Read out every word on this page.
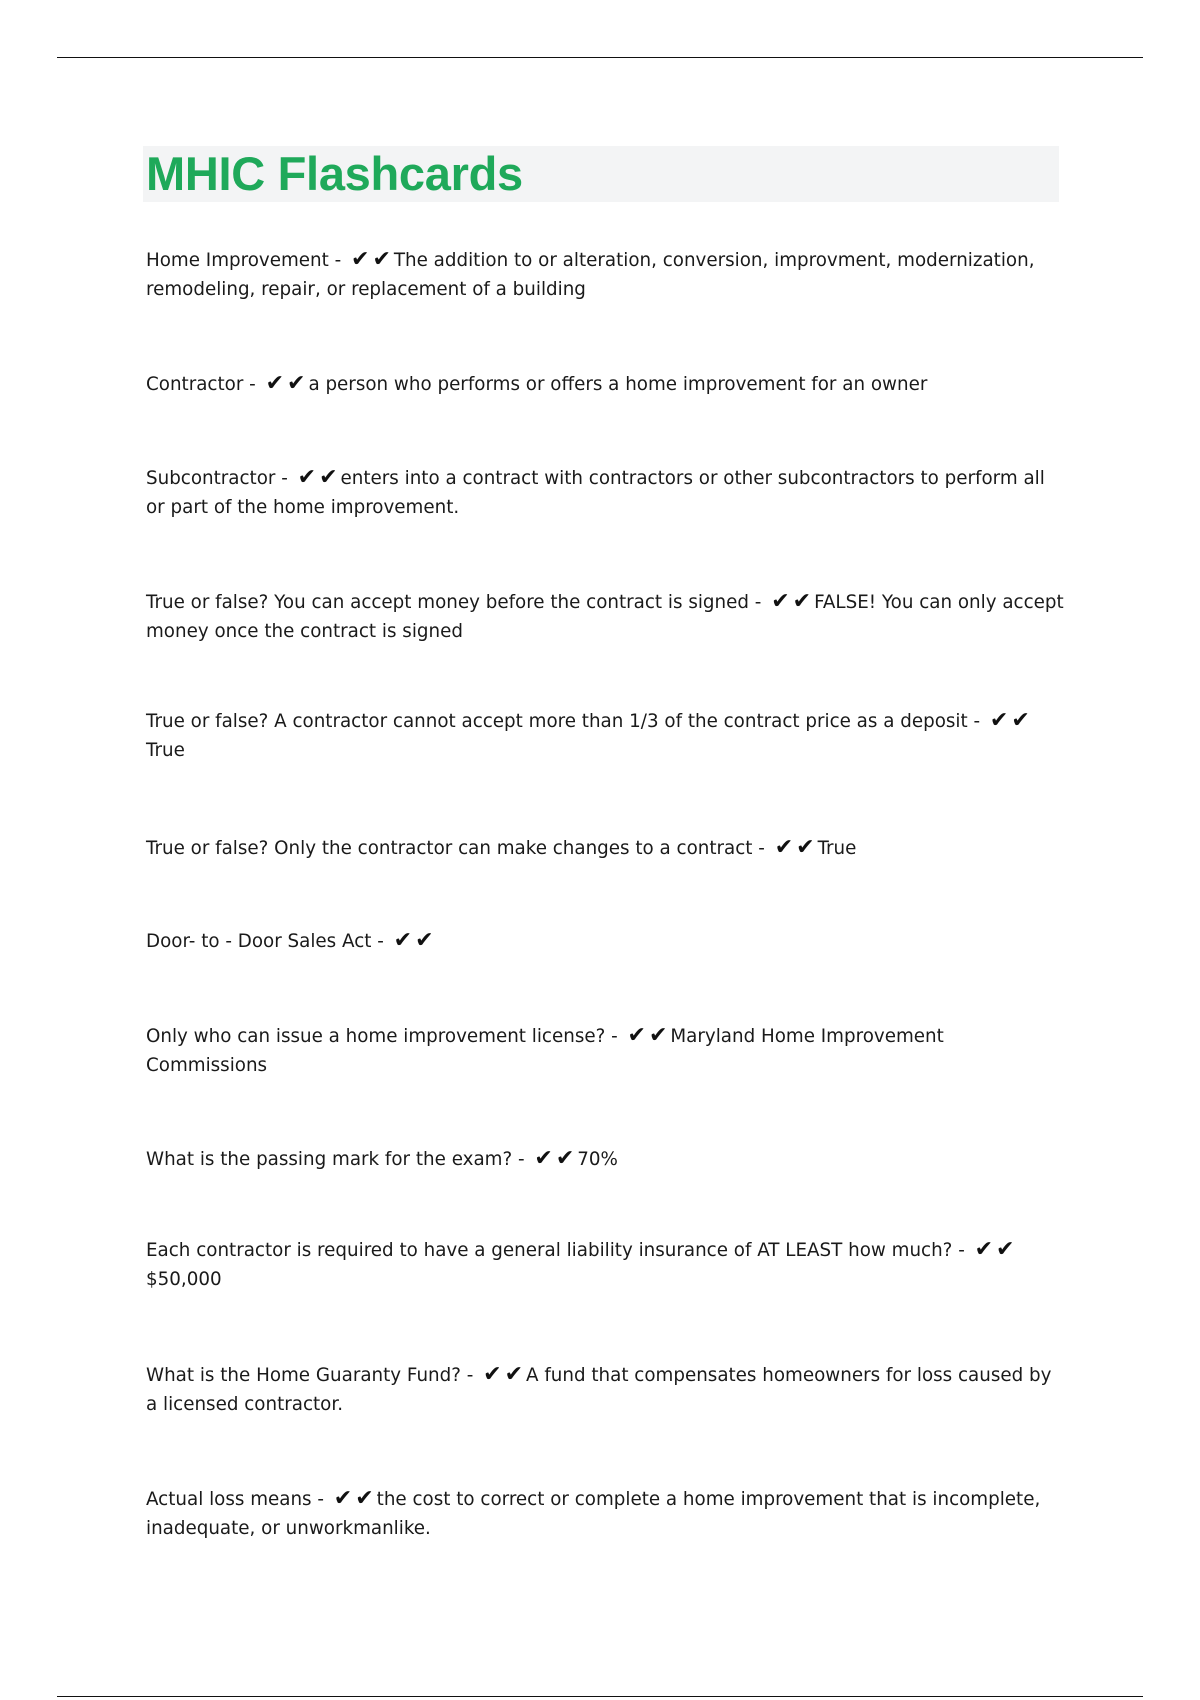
MHIC Flashcards
Home Improvement - ✔ ✔ The addition to or alteration, conversion, improvment, modernization, remodeling, repair, or replacement of a building
Contractor - ✔ ✔ a person who performs or offers a home improvement for an owner
Subcontractor - ✔ ✔ enters into a contract with contractors or other subcontractors to perform all or part of the home improvement.
True or false? You can accept money before the contract is signed - ✔ ✔ FALSE! You can only accept money once the contract is signed
True or false? A contractor cannot accept more than 1/3 of the contract price as a deposit - ✔ ✔True
True or false? Only the contractor can make changes to a contract - ✔ ✔ True
Door- to - Door Sales Act - ✔ ✔
Only who can issue a home improvement license? - ✔ ✔ Maryland Home Improvement Commissions
What is the passing mark for the exam? - ✔ ✔ 70%
Each contractor is required to have a general liability insurance of AT LEAST how much? - ✔ ✔$50,000
What is the Home Guaranty Fund? - ✔ ✔ A fund that compensates homeowners for loss caused by a licensed contractor.
Actual loss means - ✔ ✔ the cost to correct or complete a home improvement that is incomplete, inadequate, or unworkmanlike.
